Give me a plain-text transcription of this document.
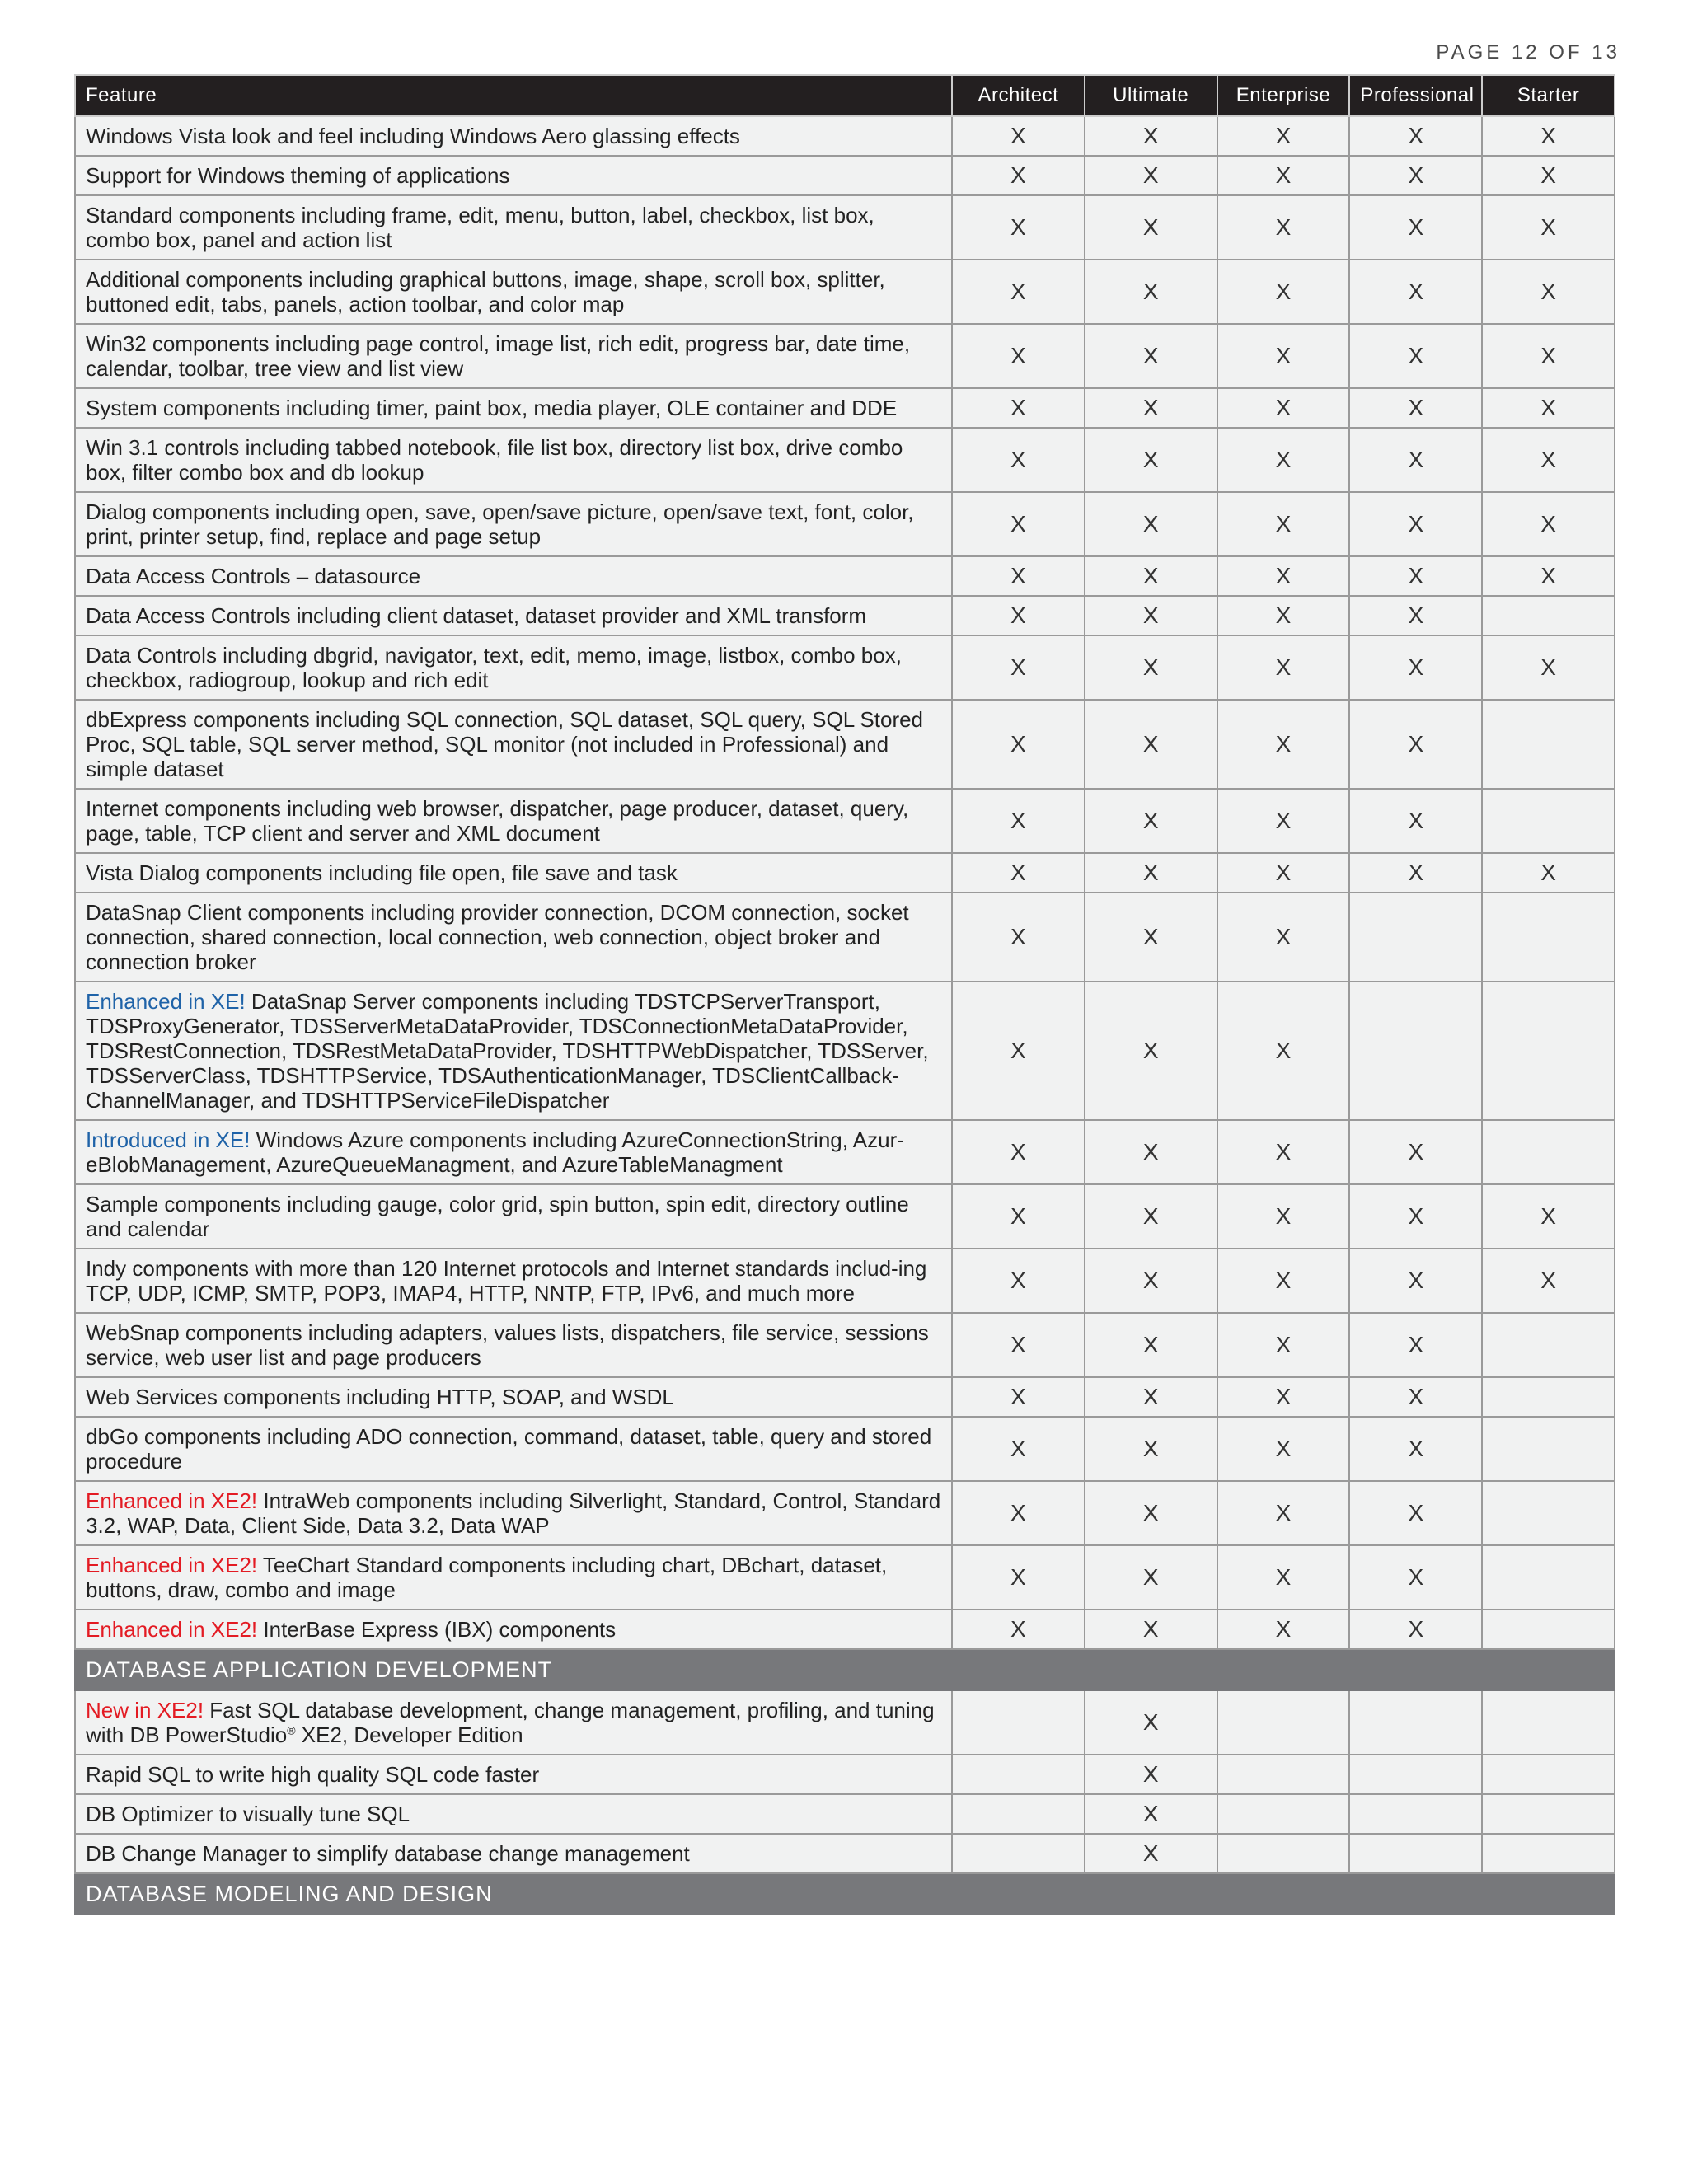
PAGE 12 OF 13
Feature	Architect	Ultimate	Enterprise	Professional	Starter
Windows Vista look and feel including Windows Aero glassing effects	X	X	X	X	X
Support for Windows theming of applications	X	X	X	X	X
Standard components including frame, edit, menu, button, label, checkbox, list box, combo box, panel and action list	X	X	X	X	X
Additional components including graphical buttons, image, shape, scroll box, splitter, buttoned edit, tabs, panels, action toolbar, and color map	X	X	X	X	X
Win32 components including page control, image list, rich edit, progress bar, date time, calendar, toolbar, tree view and list view	X	X	X	X	X
System components including timer, paint box, media player, OLE container and DDE	X	X	X	X	X
Win 3.1 controls including tabbed notebook, file list box, directory list box, drive combo box, filter combo box and db lookup	X	X	X	X	X
Dialog components including open, save, open/save picture, open/save text, font, color, print, printer setup, find, replace and page setup	X	X	X	X	X
Data Access Controls – datasource	X	X	X	X	X
Data Access Controls including client dataset, dataset provider and XML transform	X	X	X	X	
Data Controls including dbgrid, navigator, text, edit, memo, image, listbox, combo box, checkbox, radiogroup, lookup and rich edit	X	X	X	X	X
dbExpress components including SQL connection, SQL dataset, SQL query, SQL Stored Proc, SQL table, SQL server method, SQL monitor (not included in Professional) and simple dataset	X	X	X	X	
Internet components including web browser, dispatcher, page producer, dataset, query, page, table, TCP client and server and XML document	X	X	X	X	
Vista Dialog components including file open, file save and task	X	X	X	X	X
DataSnap Client components including provider connection, DCOM connection, socket connection, shared connection, local connection, web connection, object broker and connection broker	X	X	X		
Enhanced in XE! DataSnap Server components including TDSTCPServerTransport, TDSProxyGenerator, TDSServerMetaDataProvider, TDSConnectionMetaDataProvider, TDSRestConnection, TDSRestMetaDataProvider, TDSHTTPWebDispatcher, TDSServer, TDSServerClass, TDSHTTPService, TDSAuthenticationManager, TDSClientCallback-ChannelManager, and TDSHTTPServiceFileDispatcher	X	X	X		
Introduced in XE! Windows Azure components including AzureConnectionString, Azur-eBlobManagement, AzureQueueManagment, and AzureTableManagment	X	X	X	X	
Sample components including gauge, color grid, spin button, spin edit, directory outline and calendar	X	X	X	X	X
Indy components with more than 120 Internet protocols and Internet standards includ-ing TCP, UDP, ICMP, SMTP, POP3, IMAP4, HTTP, NNTP, FTP, IPv6, and much more	X	X	X	X	X
WebSnap components including adapters, values lists, dispatchers, file service, sessions service, web user list and page producers	X	X	X	X	
Web Services components including HTTP, SOAP, and WSDL	X	X	X	X	
dbGo components including ADO connection, command, dataset, table, query and stored procedure	X	X	X	X	
Enhanced in XE2! IntraWeb components including Silverlight, Standard, Control, Standard 3.2, WAP, Data, Client Side, Data 3.2, Data WAP	X	X	X	X	
Enhanced in XE2! TeeChart Standard components including chart, DBchart, dataset, buttons, draw, combo and image	X	X	X	X	
Enhanced in XE2! InterBase Express (IBX) components	X	X	X	X	
DATABASE APPLICATION DEVELOPMENT					
New in XE2! Fast SQL database development, change management, profiling, and tuning with DB PowerStudio® XE2, Developer Edition		X			
Rapid SQL to write high quality SQL code faster		X			
DB Optimizer to visually tune SQL		X			
DB Change Manager to simplify database change management		X			
DATABASE MODELING AND DESIGN					
